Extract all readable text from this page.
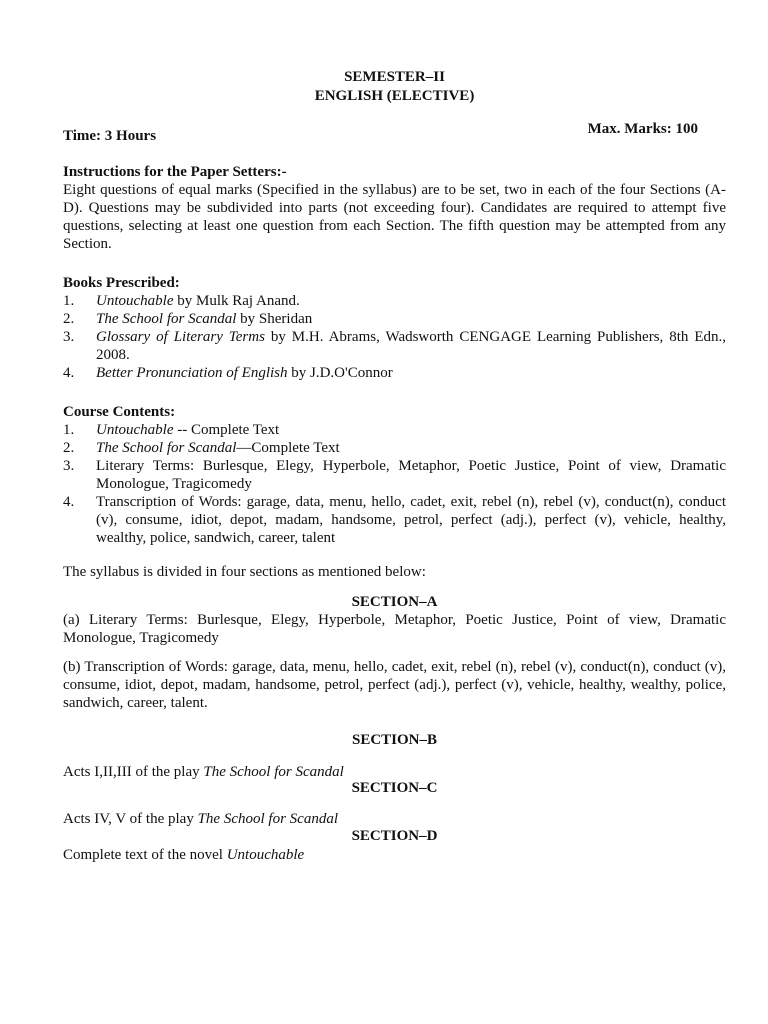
SEMESTER–II
ENGLISH (ELECTIVE)
Time: 3 Hours	Max. Marks: 100
Instructions for the Paper Setters:-
Eight questions of equal marks (Specified in the syllabus) are to be set, two in each of the four Sections (A-D). Questions may be subdivided into parts (not exceeding four). Candidates are required to attempt five questions, selecting at least one question from each Section. The fifth question may be attempted from any Section.
Books Prescribed:
1. Untouchable by Mulk Raj Anand.
2. The School for Scandal by Sheridan
3. Glossary of Literary Terms by M.H. Abrams, Wadsworth CENGAGE Learning Publishers, 8th Edn., 2008.
4. Better Pronunciation of English by J.D.O'Connor
Course Contents:
1. Untouchable -- Complete Text
2. The School for Scandal—Complete Text
3. Literary Terms: Burlesque, Elegy, Hyperbole, Metaphor, Poetic Justice, Point of view, Dramatic Monologue, Tragicomedy
4. Transcription of Words: garage, data, menu, hello, cadet, exit, rebel (n), rebel (v), conduct(n), conduct (v), consume, idiot, depot, madam, handsome, petrol, perfect (adj.), perfect (v), vehicle, healthy, wealthy, police, sandwich, career, talent
The syllabus is divided in four sections as mentioned below:
SECTION–A
(a) Literary Terms: Burlesque, Elegy, Hyperbole, Metaphor, Poetic Justice, Point of view, Dramatic Monologue, Tragicomedy
(b) Transcription of Words: garage, data, menu, hello, cadet, exit, rebel (n), rebel (v), conduct(n), conduct (v), consume, idiot, depot, madam, handsome, petrol, perfect (adj.), perfect (v), vehicle, healthy, wealthy, police, sandwich, career, talent.
SECTION–B
Acts I,II,III of the play The School for Scandal
SECTION–C
Acts IV, V of the play The School for Scandal
SECTION–D
Complete text of the novel Untouchable
